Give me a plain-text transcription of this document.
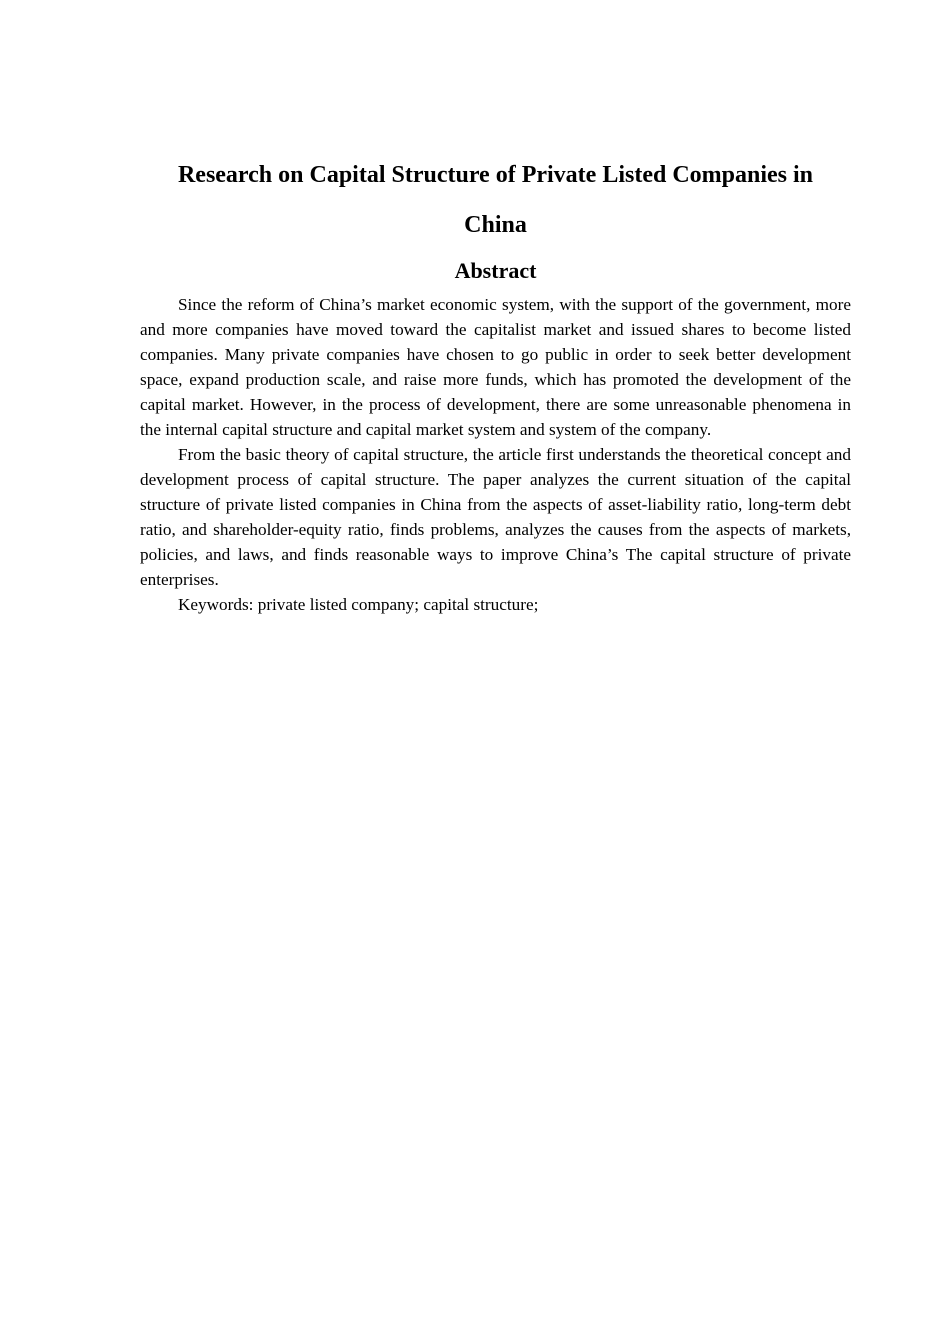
Research on Capital Structure of Private Listed Companies in
China
Abstract

Since the reform of China’s market economic system, with the support of the government, more and more companies have moved toward the capitalist market and issued shares to become listed companies. Many private companies have chosen to go public in order to seek better development space, expand production scale, and raise more funds, which has promoted the development of the capital market. However, in the process of development, there are some unreasonable phenomena in the internal capital structure and capital market system and system of the company.

From the basic theory of capital structure, the article first understands the theoretical concept and development process of capital structure. The paper analyzes the current situation of the capital structure of private listed companies in China from the aspects of asset-liability ratio, long-term debt ratio, and shareholder-equity ratio, finds problems, analyzes the causes from the aspects of markets, policies, and laws, and finds reasonable ways to improve China’s The capital structure of private enterprises.

Keywords: private listed company; capital structure;
